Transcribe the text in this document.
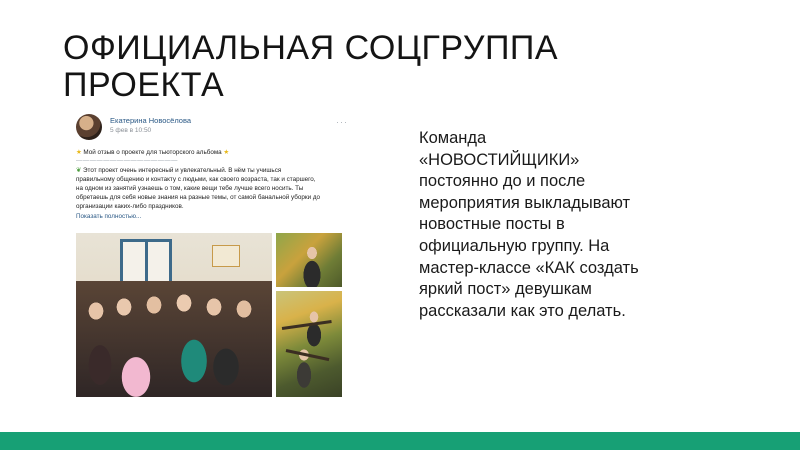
ОФИЦИАЛЬНАЯ СОЦГРУППА ПРОЕКТА
Екатерина Новосёлова
5 фев в 10:50
···
★ Мой отзыв о проекте для тьюторского альбома ★
———————————————
❦ Этот проект очень интересный и увлекательный. В нём ты учишься
правильному общению и контакту с людьми, как своего возраста, так и старшего,
на одном из занятий узнаешь о том, какие вещи тебе лучше всего носить. Ты
обретаешь для себя новые знания на разные темы, от самой банальной уборки до
организации каких-либо праздников.
Показать полностью...
Команда «НОВОСТИЙЩИКИ» постоянно до и после мероприятия выкладывают новостные посты в официальную группу. На мастер-классе «КАК создать яркий пост» девушкам рассказали как это делать.
